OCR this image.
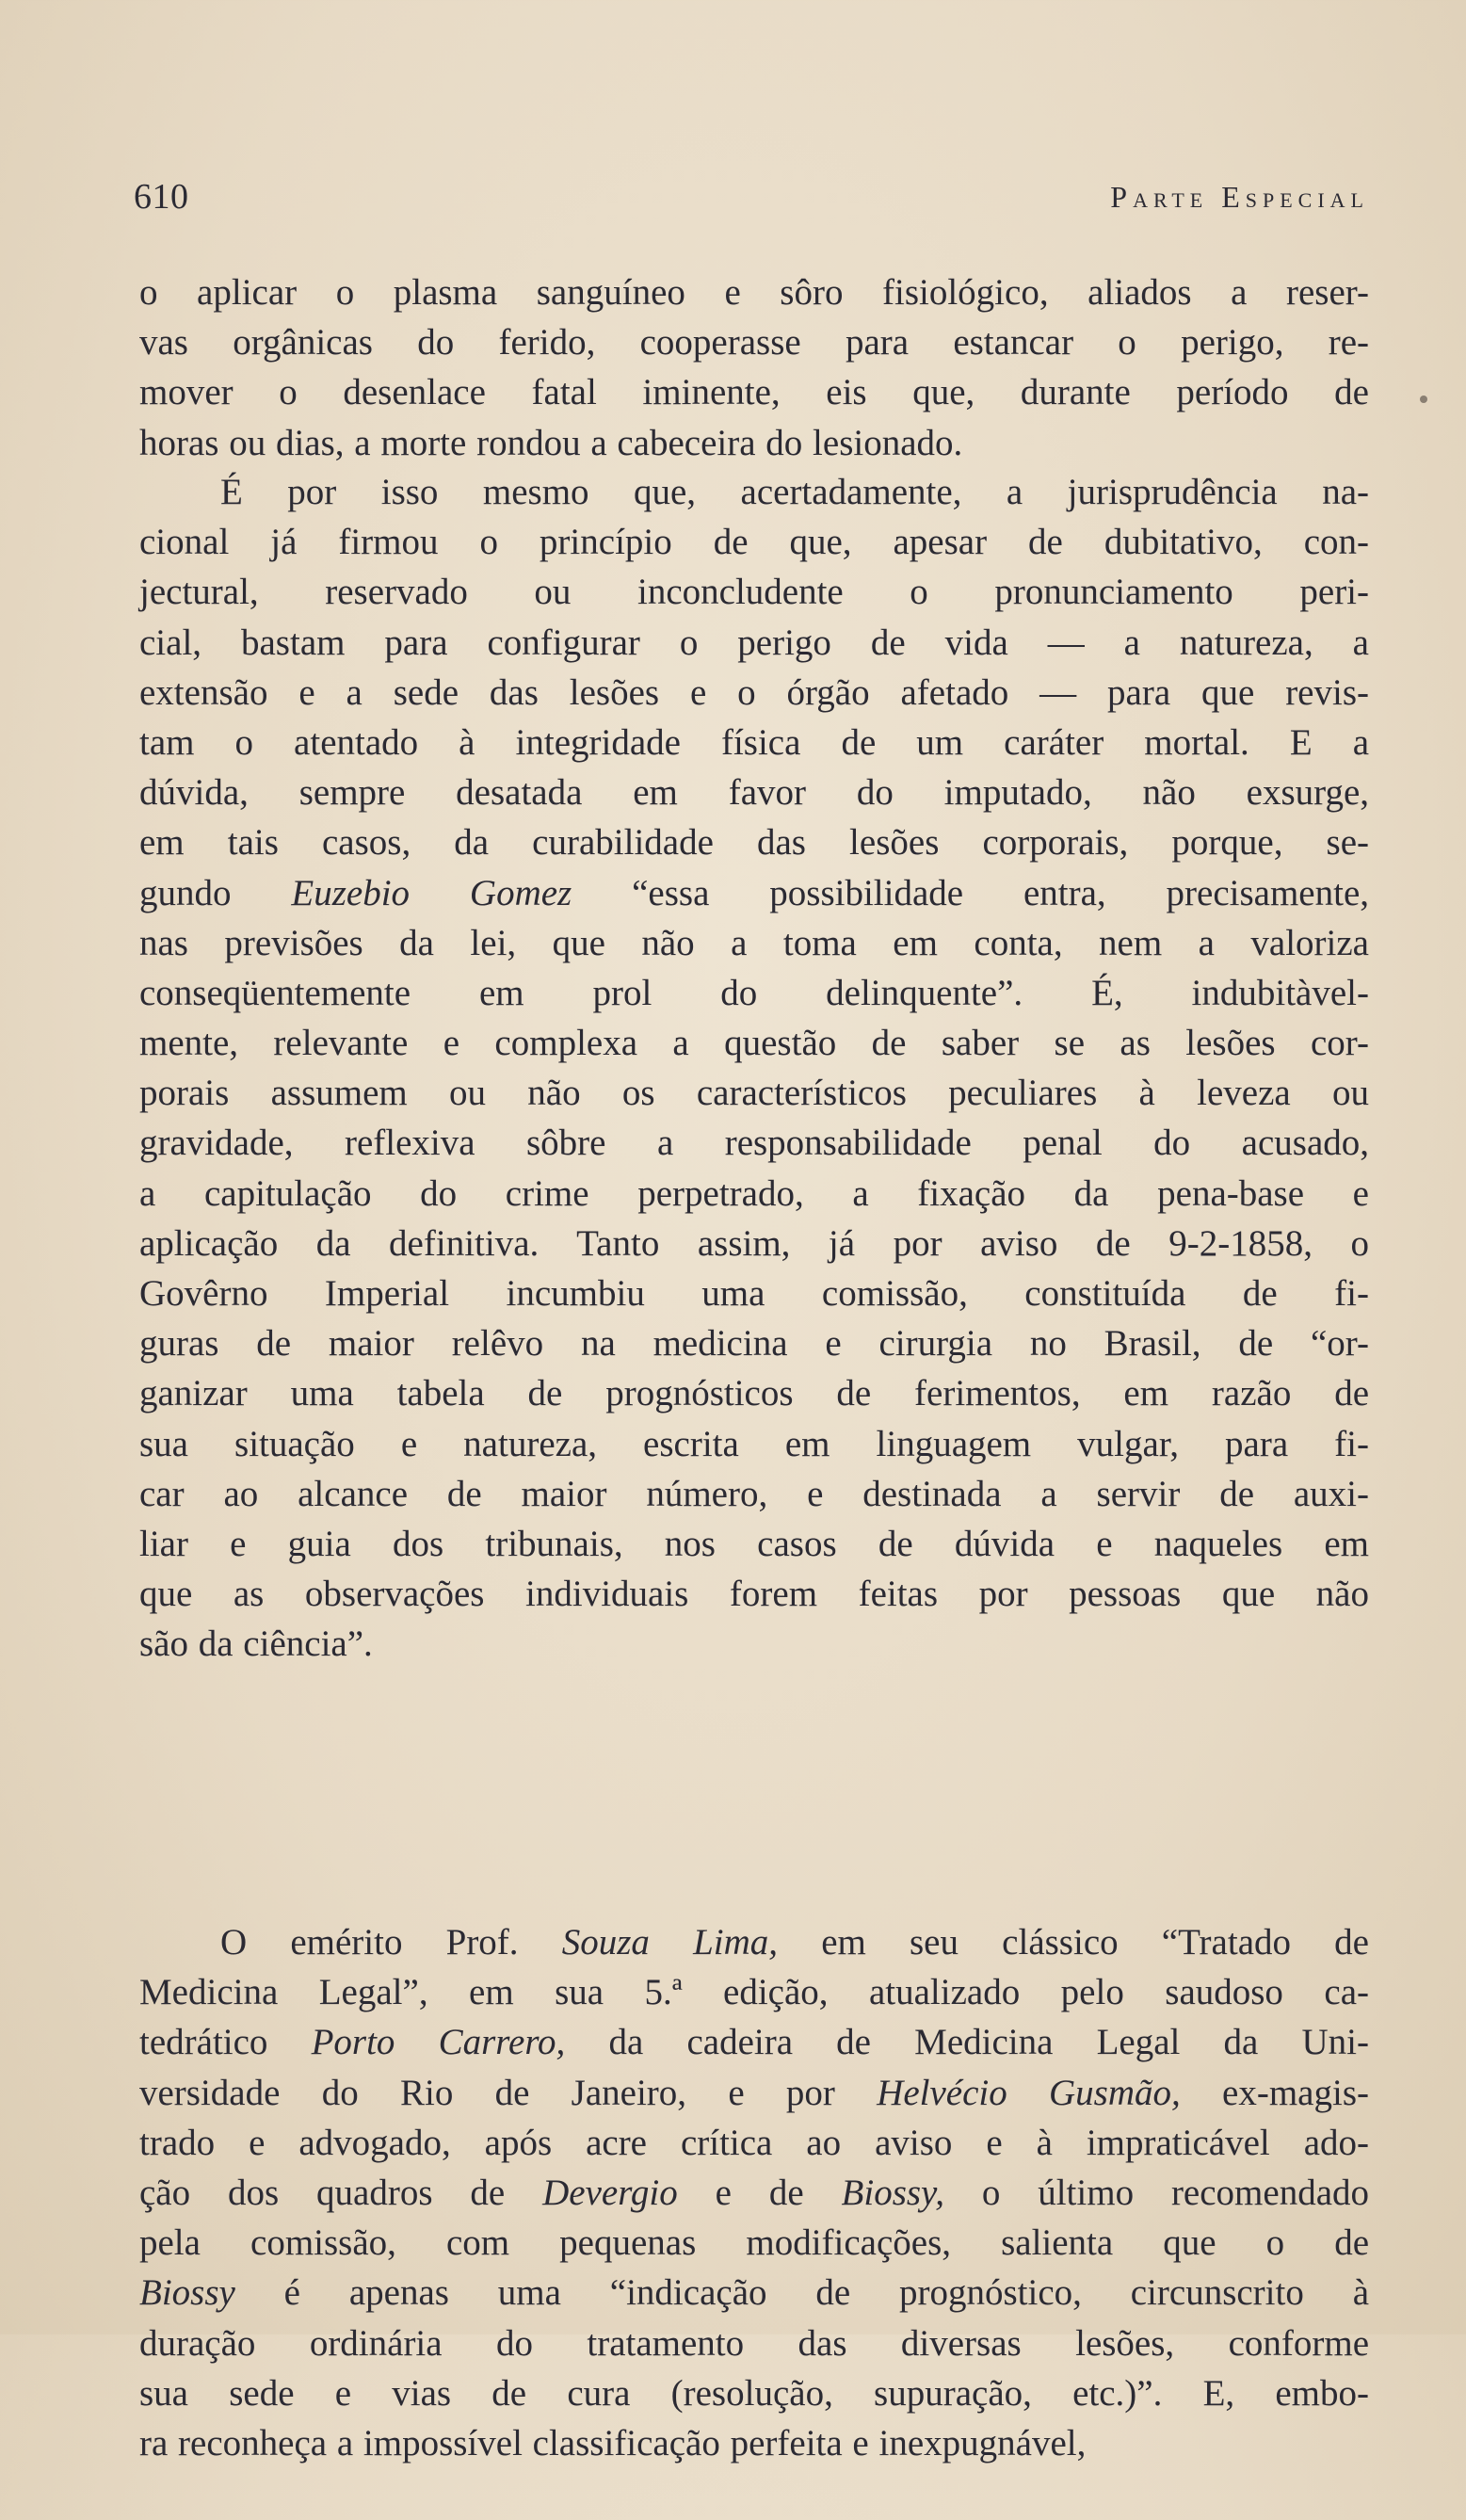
610	Parte Especial

o aplicar o plasma sanguíneo e sôro fisiológico, aliados a reser-
vas orgânicas do ferido, cooperasse para estancar o perigo, re-
mover o desenlace fatal iminente, eis que, durante período de
horas ou dias, a morte rondou a cabeceira do lesionado.

É por isso mesmo que, acertadamente, a jurisprudência na-
cional já firmou o princípio de que, apesar de dubitativo, con-
jectural, reservado ou inconcludente o pronunciamento peri-
cial, bastam para configurar o perigo de vida — a natureza, a
extensão e a sede das lesões e o órgão afetado — para que revis-
tam o atentado à integridade física de um caráter mortal. E a
dúvida, sempre desatada em favor do imputado, não exsurge,
em tais casos, da curabilidade das lesões corporais, porque, se-
gundo Euzebio Gomez “essa possibilidade entra, precisamente,
nas previsões da lei, que não a toma em conta, nem a valoriza
conseqüentemente em prol do delinquente”. É, indubitàvel-
mente, relevante e complexa a questão de saber se as lesões cor-
porais assumem ou não os característicos peculiares à leveza ou
gravidade, reflexiva sôbre a responsabilidade penal do acusado,
a capitulação do crime perpetrado, a fixação da pena-base e
aplicação da definitiva. Tanto assim, já por aviso de 9-2-1858, o
Govêrno Imperial incumbiu uma comissão, constituída de fi-
guras de maior relêvo na medicina e cirurgia no Brasil, de “or-
ganizar uma tabela de prognósticos de ferimentos, em razão de
sua situação e natureza, escrita em linguagem vulgar, para fi-
car ao alcance de maior número, e destinada a servir de auxi-
liar e guia dos tribunais, nos casos de dúvida e naqueles em
que as observações individuais forem feitas por pessoas que não
são da ciência”.

O emérito Prof. Souza Lima, em seu clássico “Tratado de
Medicina Legal”, em sua 5.ª edição, atualizado pelo saudoso ca-
tedrático Porto Carrero, da cadeira de Medicina Legal da Uni-
versidade do Rio de Janeiro, e por Helvécio Gusmão, ex-magis-
trado e advogado, após acre crítica ao aviso e à impraticável ado-
ção dos quadros de Devergio e de Biossy, o último recomendado
pela comissão, com pequenas modificações, salienta que o de
Biossy é apenas uma “indicação de prognóstico, circunscrito à
duração ordinária do tratamento das diversas lesões, conforme
sua sede e vias de cura (resolução, supuração, etc.)”. E, embo-
ra reconheça a impossível classificação perfeita e inexpugnável,
